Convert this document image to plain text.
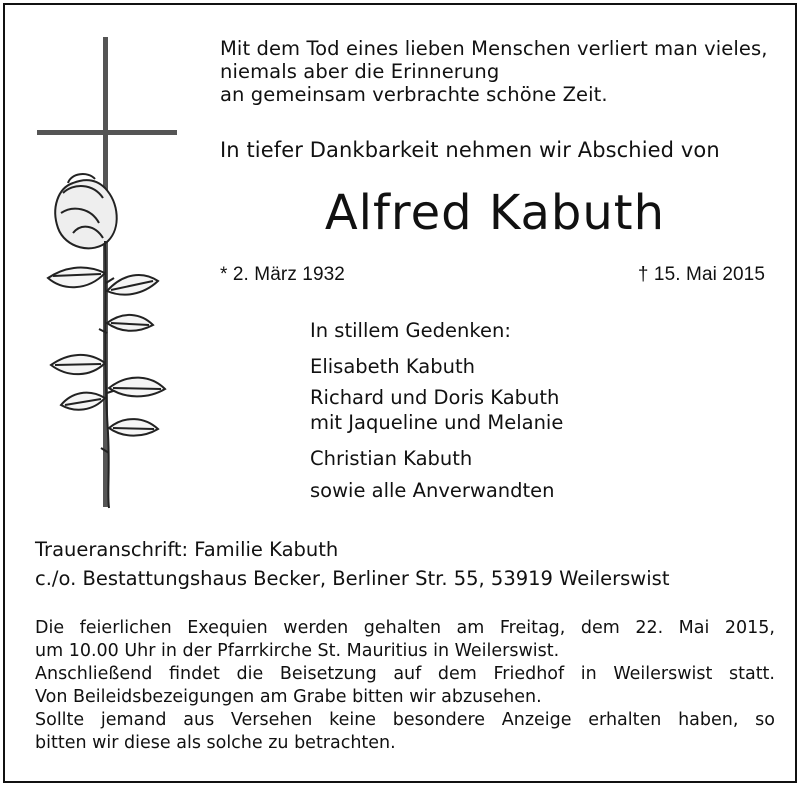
Mit dem Tod eines lieben Menschen verliert man vieles,
niemals aber die Erinnerung
an gemeinsam verbrachte schöne Zeit.
In tiefer Dankbarkeit nehmen wir Abschied von
Alfred Kabuth
* 2. März 1932	† 15. Mai 2015
In stillem Gedenken:
Elisabeth Kabuth
Richard und Doris Kabuth
mit Jaqueline und Melanie
Christian Kabuth
sowie alle Anverwandten
Traueranschrift: Familie Kabuth
c./o. Bestattungshaus Becker, Berliner Str. 55, 53919 Weilerswist
Die feierlichen Exequien werden gehalten am Freitag, dem 22. Mai 2015,
um 10.00 Uhr in der Pfarrkirche St. Mauritius in Weilerswist.
Anschließend findet die Beisetzung auf dem Friedhof in Weilerswist statt.
Von Beileidsbezeigungen am Grabe bitten wir abzusehen.
Sollte jemand aus Versehen keine besondere Anzeige erhalten haben, so
bitten wir diese als solche zu betrachten.
